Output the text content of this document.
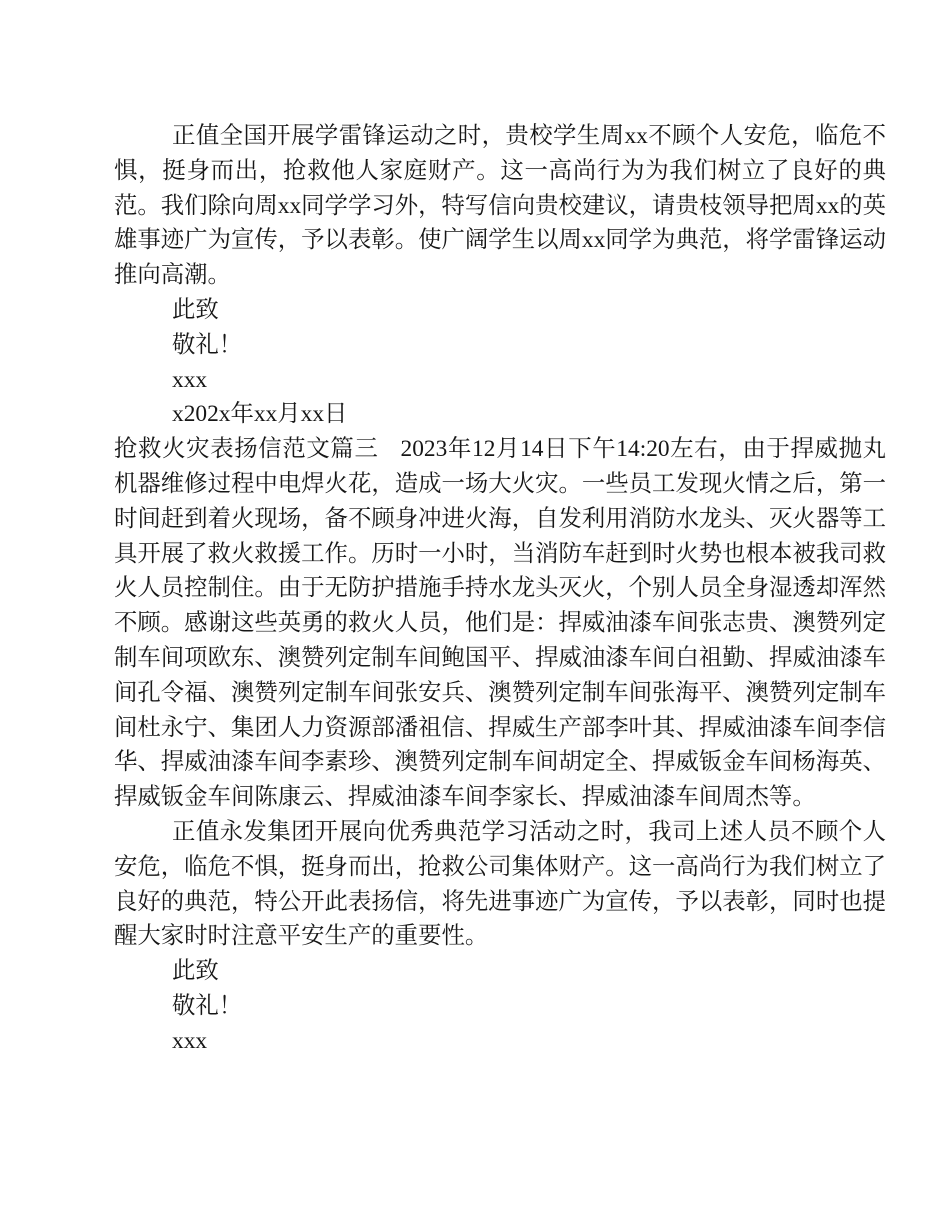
正值全国开展学雷锋运动之时，贵校学生周xx不顾个人安危，临危不惧，挺身而出，抢救他人家庭财产。这一高尚行为为我们树立了良好的典范。我们除向周xx同学学习外，特写信向贵校建议，请贵枝领导把周xx的英雄事迹广为宣传，予以表彰。使广阔学生以周xx同学为典范，将学雷锋运动推向高潮。

此致

敬礼！

xxx

x202x年xx月xx日

抢救火灾表扬信范文篇三 2023年12月14日下午14:20左右，由于捍威抛丸机器维修过程中电焊火花，造成一场大火灾。一些员工发现火情之后，第一时间赶到着火现场，备不顾身冲进火海，自发利用消防水龙头、灭火器等工具开展了救火救援工作。历时一小时，当消防车赶到时火势也根本被我司救火人员控制住。由于无防护措施手持水龙头灭火，个别人员全身湿透却浑然不顾。感谢这些英勇的救火人员，他们是：捍威油漆车间张志贵、澳赞列定制车间项欧东、澳赞列定制车间鲍国平、捍威油漆车间白祖勤、捍威油漆车间孔令福、澳赞列定制车间张安兵、澳赞列定制车间张海平、澳赞列定制车间杜永宁、集团人力资源部潘祖信、捍威生产部李叶其、捍威油漆车间李信华、捍威油漆车间李素珍、澳赞列定制车间胡定全、捍威钣金车间杨海英、捍威钣金车间陈康云、捍威油漆车间李家长、捍威油漆车间周杰等。

正值永发集团开展向优秀典范学习活动之时，我司上述人员不顾个人安危，临危不惧，挺身而出，抢救公司集体财产。这一高尚行为我们树立了良好的典范，特公开此表扬信，将先进事迹广为宣传，予以表彰，同时也提醒大家时时注意平安生产的重要性。

此致

敬礼！

xxx
